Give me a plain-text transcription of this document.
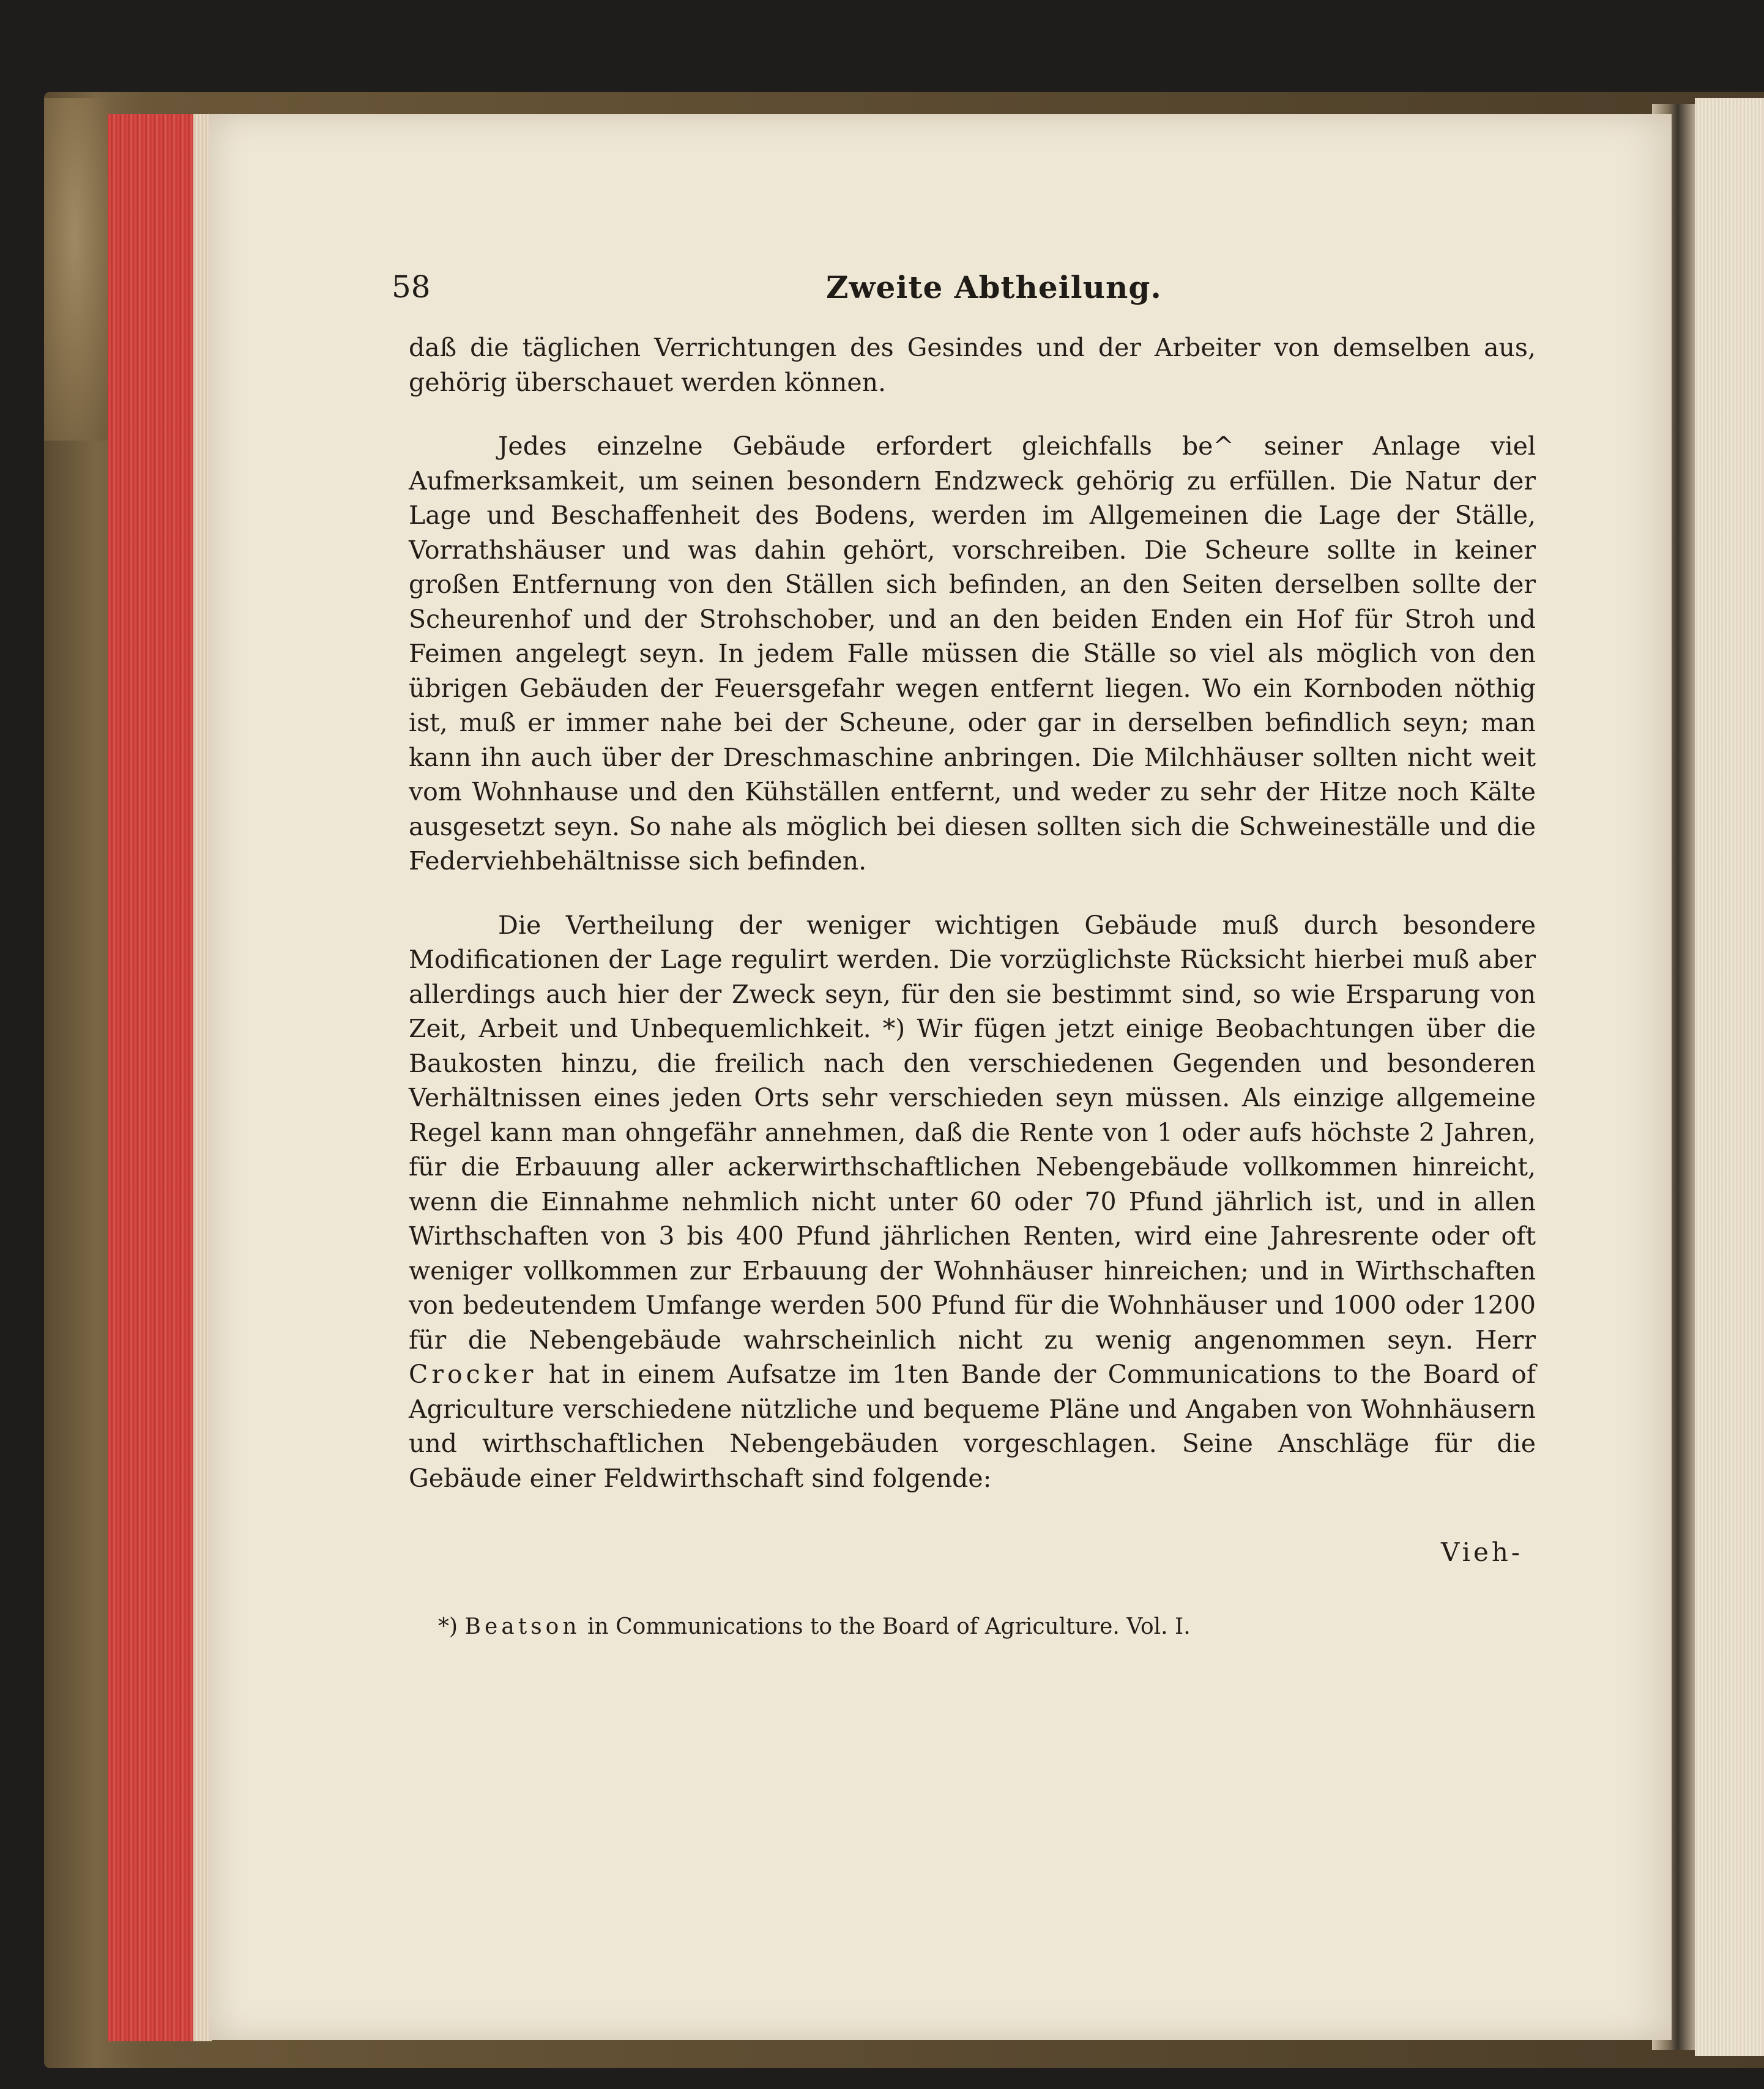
58	Zweite Abtheilung.

daß die täglichen Verrichtungen des Gesindes und der Arbeiter von demselben aus, gehörig überschauet werden können.

Jedes einzelne Gebäude erfordert gleichfalls be^ seiner Anlage viel Aufmerksamkeit, um seinen besondern Endzweck gehörig zu erfüllen. Die Natur der Lage und Beschaffenheit des Bodens, werden im Allgemeinen die Lage der Ställe, Vorrathshäuser und was dahin gehört, vorschreiben. Die Scheure sollte in keiner großen Entfernung von den Ställen sich befinden, an den Seiten derselben sollte der Scheurenhof und der Strohschober, und an den beiden Enden ein Hof für Stroh und Feimen angelegt seyn. In jedem Falle müssen die Ställe so viel als möglich von den übrigen Gebäuden der Feuersgefahr wegen entfernt liegen. Wo ein Kornboden nöthig ist, muß er immer nahe bei der Scheune, oder gar in derselben befindlich seyn; man kann ihn auch über der Dreschmaschine anbringen. Die Milchhäuser sollten nicht weit vom Wohnhause und den Kühställen entfernt, und weder zu sehr der Hitze noch Kälte ausgesetzt seyn. So nahe als möglich bei diesen sollten sich die Schweineställe und die Federviehbehältnisse sich befinden.

Die Vertheilung der weniger wichtigen Gebäude muß durch besondere Modificationen der Lage regulirt werden. Die vorzüglichste Rücksicht hierbei muß aber allerdings auch hier der Zweck seyn, für den sie bestimmt sind, so wie Ersparung von Zeit, Arbeit und Unbequemlichkeit. *) Wir fügen jetzt einige Beobachtungen über die Baukosten hinzu, die freilich nach den verschiedenen Gegenden und besonderen Verhältnissen eines jeden Orts sehr verschieden seyn müssen. Als einzige allgemeine Regel kann man ohngefähr annehmen, daß die Rente von 1 oder aufs höchste 2 Jahren, für die Erbauung aller ackerwirthschaftlichen Nebengebäude vollkommen hinreicht, wenn die Einnahme nehmlich nicht unter 60 oder 70 Pfund jährlich ist, und in allen Wirthschaften von 3 bis 400 Pfund jährlichen Renten, wird eine Jahresrente oder oft weniger vollkommen zur Erbauung der Wohnhäuser hinreichen; und in Wirthschaften von bedeutendem Umfange werden 500 Pfund für die Wohnhäuser und 1000 oder 1200 für die Nebengebäude wahrscheinlich nicht zu wenig angenommen seyn. Herr Crocker hat in einem Aufsatze im 1ten Bande der Communications to the Board of Agriculture verschiedene nützliche und bequeme Pläne und Angaben von Wohnhäusern und wirthschaftlichen Nebengebäuden vorgeschlagen. Seine Anschläge für die Gebäude einer Feldwirthschaft sind folgende:

Vieh-
*) Beatson in Communications to the Board of Agriculture. Vol. I.
